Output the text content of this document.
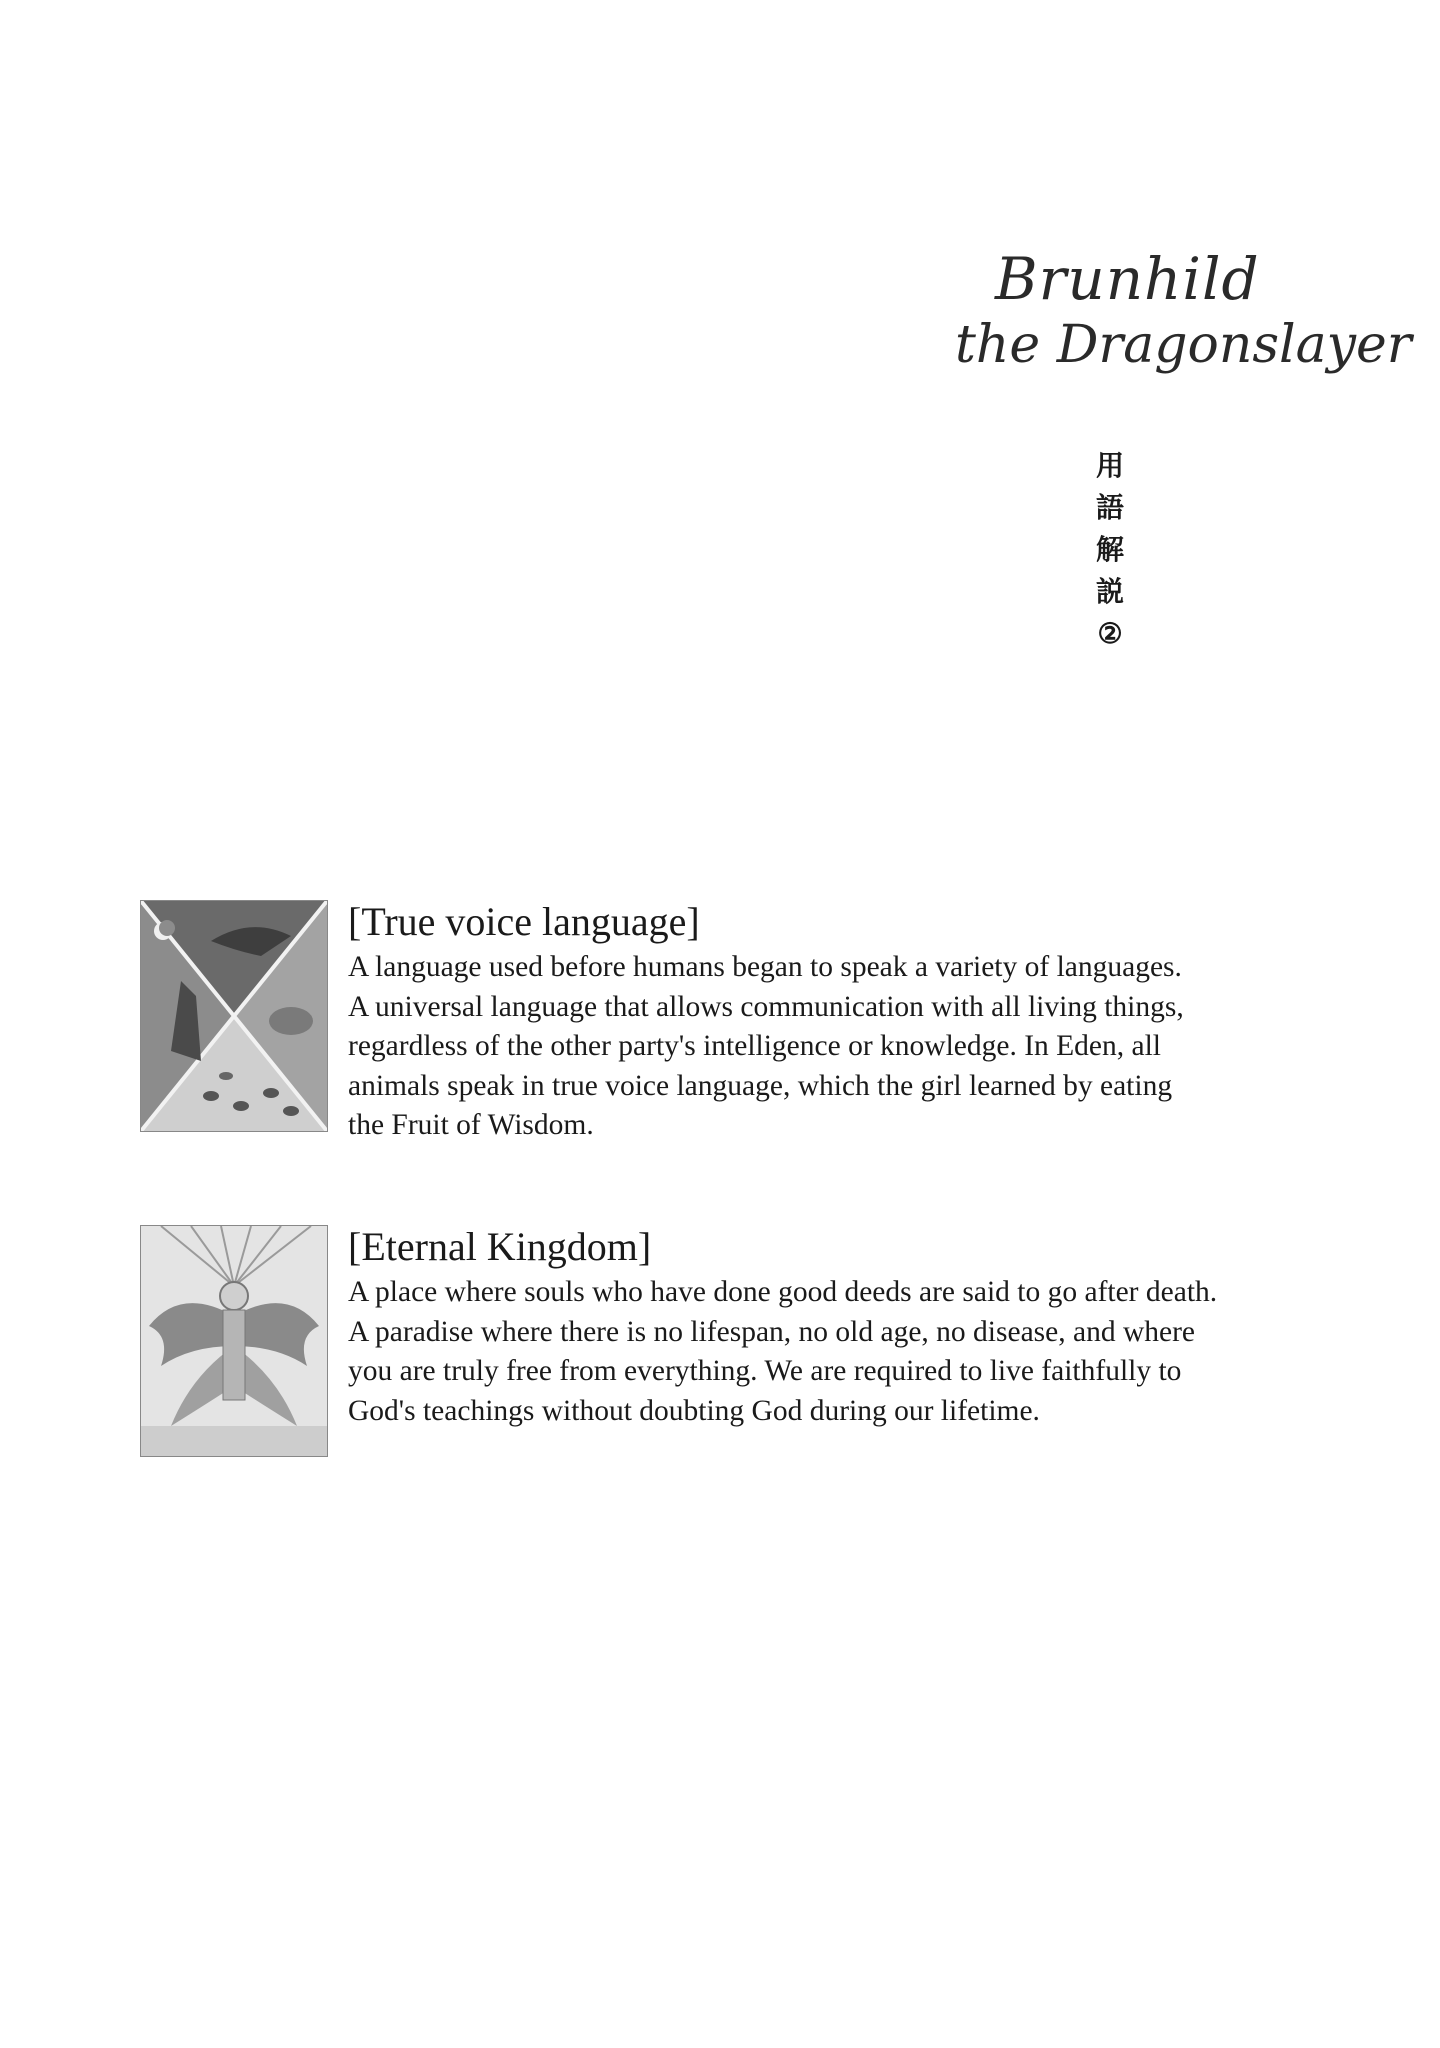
Brunhild
the Dragonslayer
用
語
解
説
②
[True voice language]

A language used before humans began to speak a variety of languages.
A universal language that allows communication with all living things,
regardless of the other party's intelligence or knowledge. In Eden, all
animals speak in true voice language, which the girl learned by eating
the Fruit of Wisdom.

[Eternal Kingdom]

A place where souls who have done good deeds are said to go after death.
A paradise where there is no lifespan, no old age, no disease, and where
you are truly free from everything. We are required to live faithfully to
God's teachings without doubting God during our lifetime.
